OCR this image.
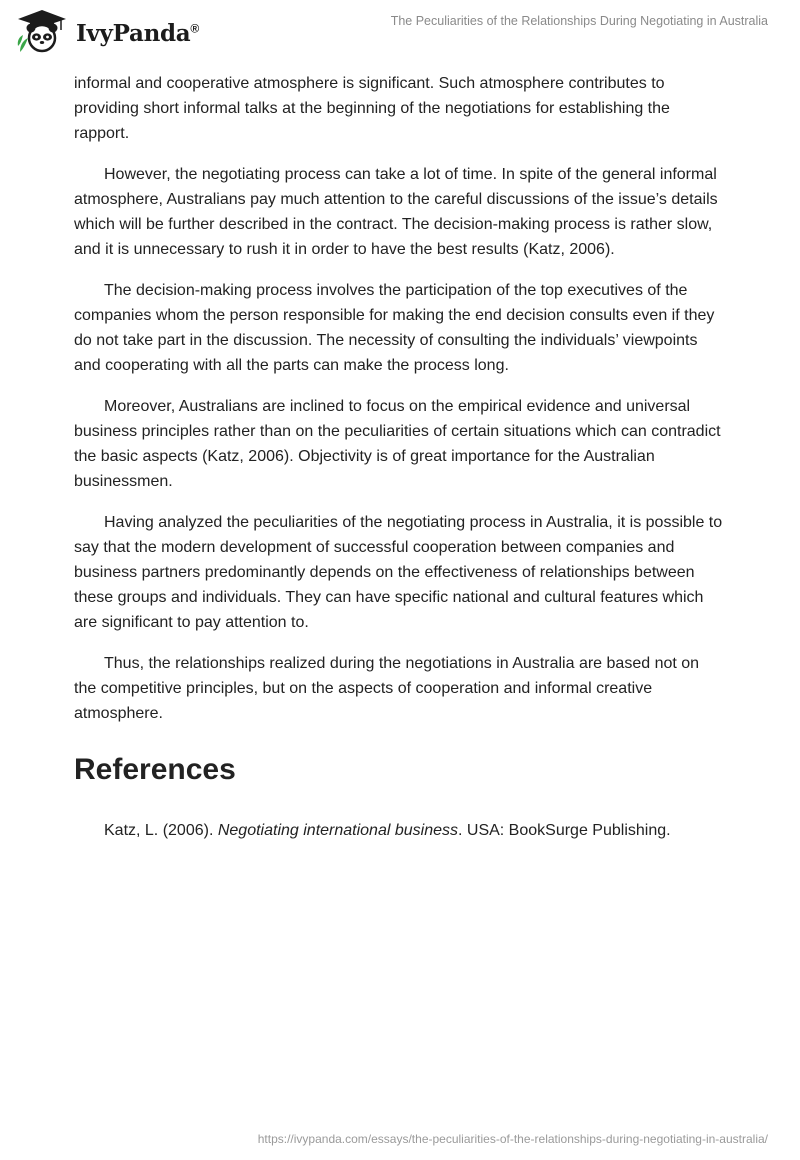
IvyPanda®	The Peculiarities of the Relationships During Negotiating in Australia

informal and cooperative atmosphere is significant. Such atmosphere contributes to providing short informal talks at the beginning of the negotiations for establishing the rapport.

However, the negotiating process can take a lot of time. In spite of the general informal atmosphere, Australians pay much attention to the careful discussions of the issue’s details which will be further described in the contract. The decision-making process is rather slow, and it is unnecessary to rush it in order to have the best results (Katz, 2006).

The decision-making process involves the participation of the top executives of the companies whom the person responsible for making the end decision consults even if they do not take part in the discussion. The necessity of consulting the individuals’ viewpoints and cooperating with all the parts can make the process long.

Moreover, Australians are inclined to focus on the empirical evidence and universal business principles rather than on the peculiarities of certain situations which can contradict the basic aspects (Katz, 2006). Objectivity is of great importance for the Australian businessmen.

Having analyzed the peculiarities of the negotiating process in Australia, it is possible to say that the modern development of successful cooperation between companies and business partners predominantly depends on the effectiveness of relationships between these groups and individuals. They can have specific national and cultural features which are significant to pay attention to.

Thus, the relationships realized during the negotiations in Australia are based not on the competitive principles, but on the aspects of cooperation and informal creative atmosphere.

References

Katz, L. (2006). Negotiating international business. USA: BookSurge Publishing.

https://ivypanda.com/essays/the-peculiarities-of-the-relationships-during-negotiating-in-australia/
